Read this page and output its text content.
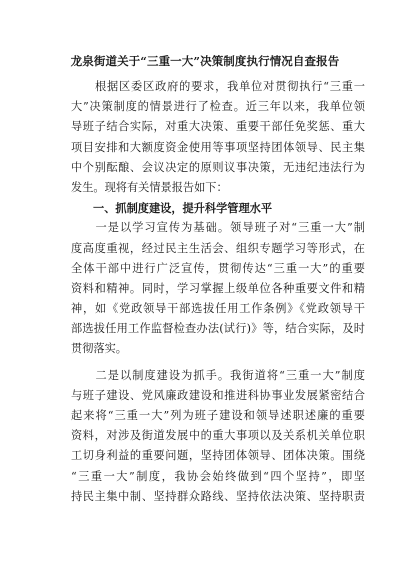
龙泉街道关于“三重一大”决策制度执行情况自查报告
　　根据区委区政府的要求，我单位对贯彻执行“三重一
大”决策制度的情景进行了检查。近三年以来，我单位领
导班子结合实际，对重大决策、重要干部任免奖惩、重大
项目安排和大额度资金使用等事项坚持团体领导、民主集
中个别酝酿、会议决定的原则议事决策，无违纪违法行为
发生。现将有关情景报告如下：
一、抓制度建设，提升科学管理水平
　　一是以学习宣传为基础。领导班子对“三重一大”制
度高度重视，经过民主生活会、组织专题学习等形式，在
全体干部中进行广泛宣传，贯彻传达“三重一大”的重要
资料和精神。同时，学习掌握上级单位各种重要文件和精
神，如《党政领导干部选拔任用工作条例》《党政领导干
部选拔任用工作监督检查办法(试行)》等，结合实际，及时
贯彻落实。
　　二是以制度建设为抓手。我街道将“三重一大”制度
与班子建设、党风廉政建设和推进科协事业发展紧密结合
起来将“三重一大”列为班子建设和领导述职述廉的重要
资料，对涉及街道发展中的重大事项以及关系机关单位职
工切身利益的重要问题，坚持团体领导、团体决策。围绕
“三重一大”制度，我协会始终做到“四个坚持”，即坚
持民主集中制、坚持群众路线、坚持依法决策、坚持职责
